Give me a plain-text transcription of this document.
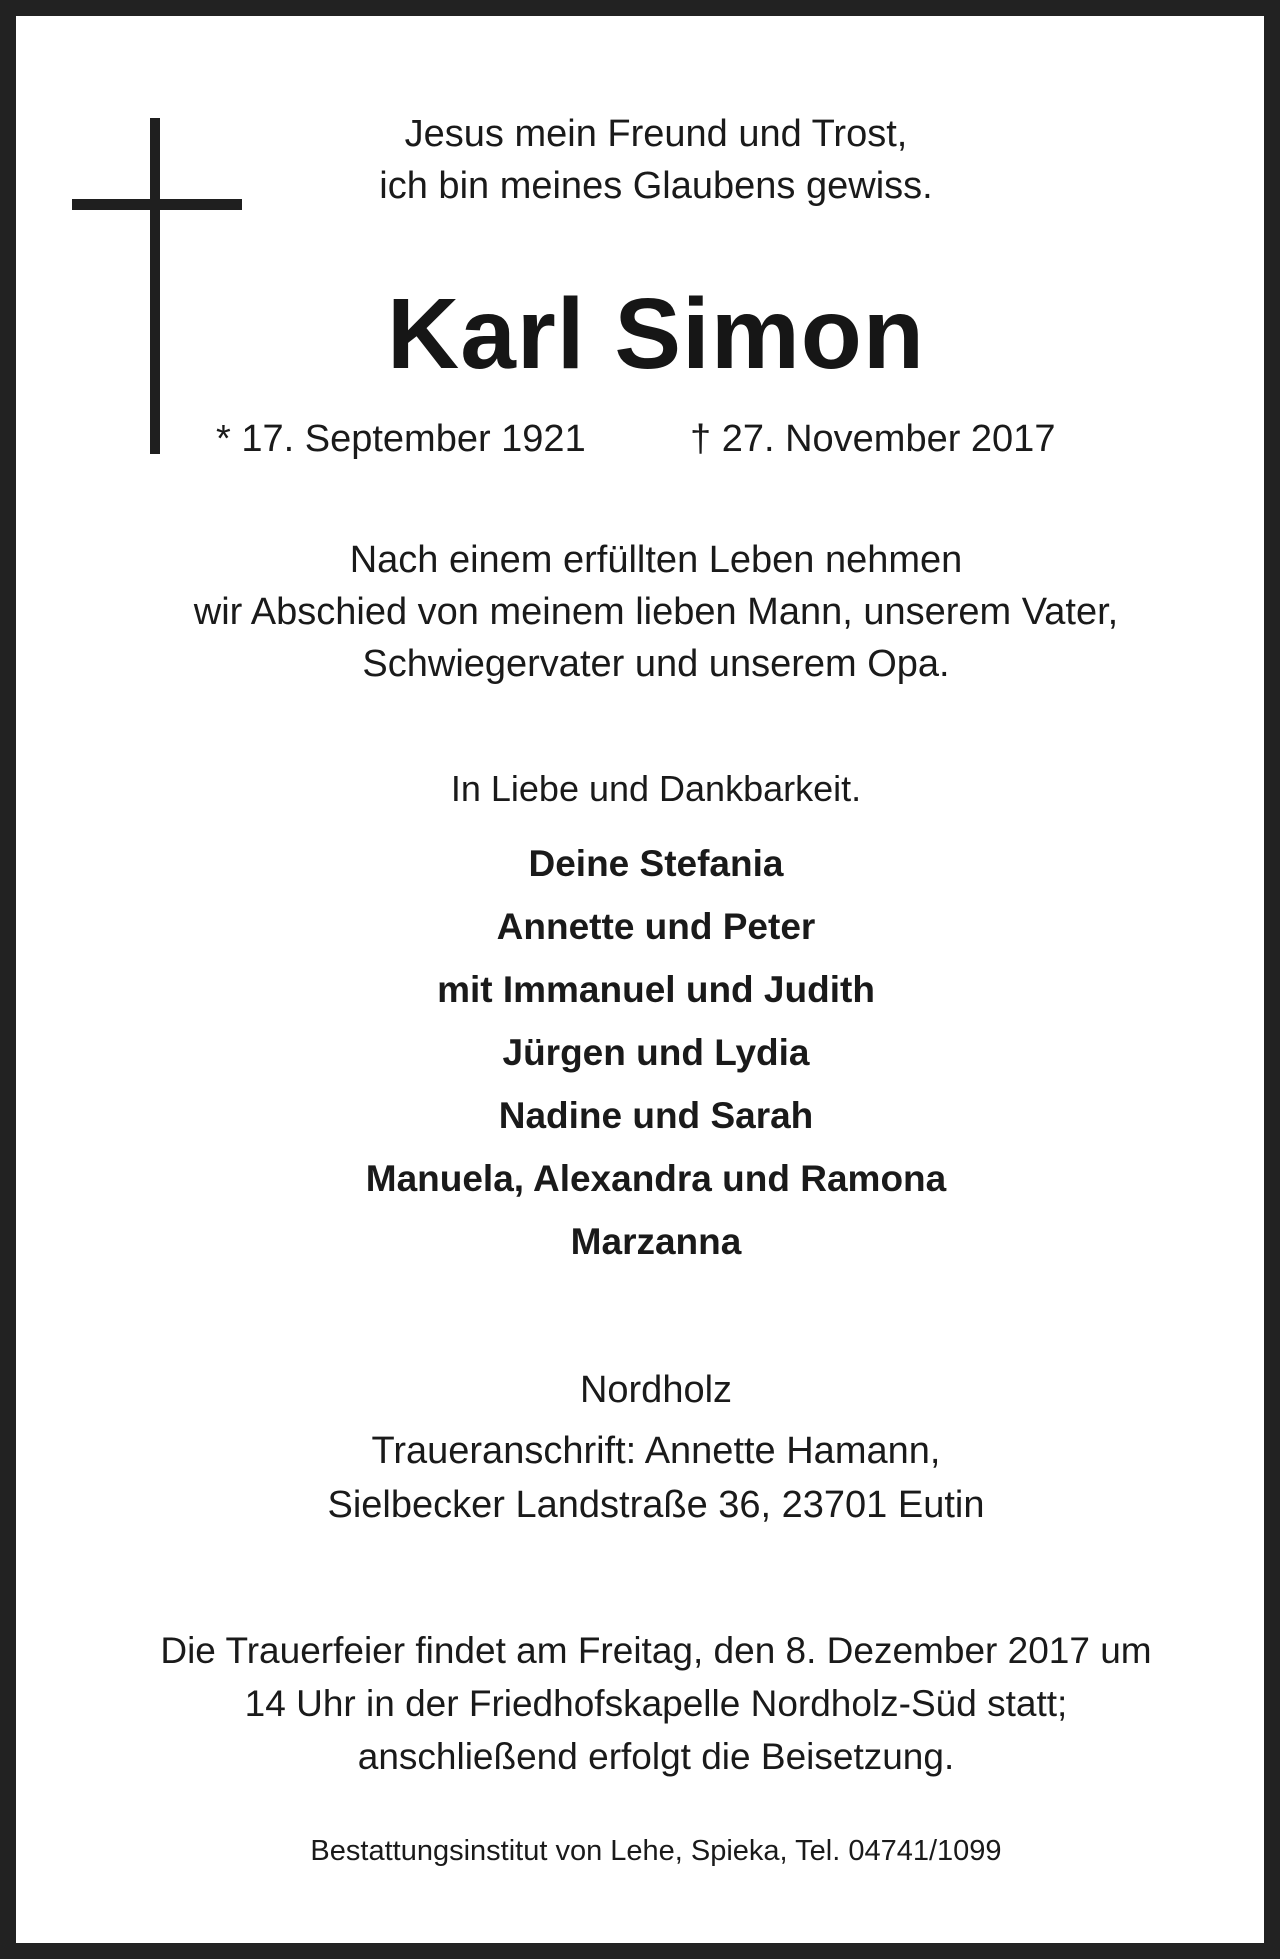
Jesus mein Freund und Trost,
ich bin meines Glaubens gewiss.
Karl Simon
* 17. September 1921	† 27. November 2017
Nach einem erfüllten Leben nehmen
wir Abschied von meinem lieben Mann, unserem Vater,
Schwiegervater und unserem Opa.
In Liebe und Dankbarkeit.
Deine Stefania
Annette und Peter
mit Immanuel und Judith
Jürgen und Lydia
Nadine und Sarah
Manuela, Alexandra und Ramona
Marzanna
Nordholz
Traueranschrift: Annette Hamann,
Sielbecker Landstraße 36, 23701 Eutin
Die Trauerfeier findet am Freitag, den 8. Dezember 2017 um
14 Uhr in der Friedhofskapelle Nordholz-Süd statt;
anschließend erfolgt die Beisetzung.
Bestattungsinstitut von Lehe, Spieka, Tel. 04741/1099
